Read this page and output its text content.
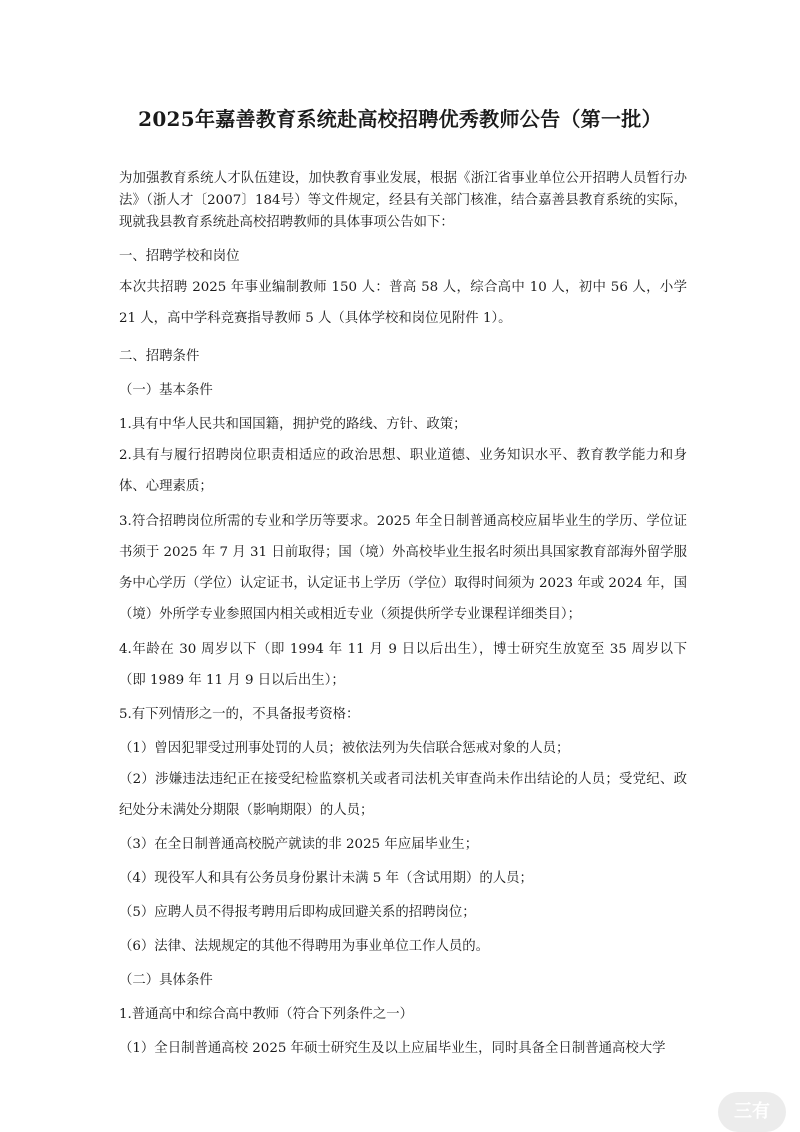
2025年嘉善教育系统赴高校招聘优秀教师公告（第一批）

为加强教育系统人才队伍建设，加快教育事业发展，根据《浙江省事业单位公开招聘人员暂行办法》（浙人才〔2007〕184号）等文件规定，经县有关部门核准，结合嘉善县教育系统的实际，现就我县教育系统赴高校招聘教师的具体事项公告如下：

一、招聘学校和岗位

本次共招聘 2025 年事业编制教师 150 人：普高 58 人，综合高中 10 人，初中 56 人，小学 21 人，高中学科竞赛指导教师 5 人（具体学校和岗位见附件 1）。

二、招聘条件

（一）基本条件

1.具有中华人民共和国国籍，拥护党的路线、方针、政策；

2.具有与履行招聘岗位职责相适应的政治思想、职业道德、业务知识水平、教育教学能力和身体、心理素质；

3.符合招聘岗位所需的专业和学历等要求。2025 年全日制普通高校应届毕业生的学历、学位证书须于 2025 年 7 月 31 日前取得；国（境）外高校毕业生报名时须出具国家教育部海外留学服务中心学历（学位）认定证书，认定证书上学历（学位）取得时间须为 2023 年或 2024 年，国（境）外所学专业参照国内相关或相近专业（须提供所学专业课程详细类目）；

4.年龄在 30 周岁以下（即 1994 年 11 月 9 日以后出生），博士研究生放宽至 35 周岁以下（即 1989 年 11 月 9 日以后出生）；

5.有下列情形之一的，不具备报考资格：

（1）曾因犯罪受过刑事处罚的人员；被依法列为失信联合惩戒对象的人员；

（2）涉嫌违法违纪正在接受纪检监察机关或者司法机关审查尚未作出结论的人员；受党纪、政纪处分未满处分期限（影响期限）的人员；

（3）在全日制普通高校脱产就读的非 2025 年应届毕业生；

（4）现役军人和具有公务员身份累计未满 5 年（含试用期）的人员；

（5）应聘人员不得报考聘用后即构成回避关系的招聘岗位；

（6）法律、法规规定的其他不得聘用为事业单位工作人员的。

（二）具体条件

1.普通高中和综合高中教师（符合下列条件之一）

（1）全日制普通高校 2025 年硕士研究生及以上应届毕业生，同时具备全日制普通高校大学

三有
